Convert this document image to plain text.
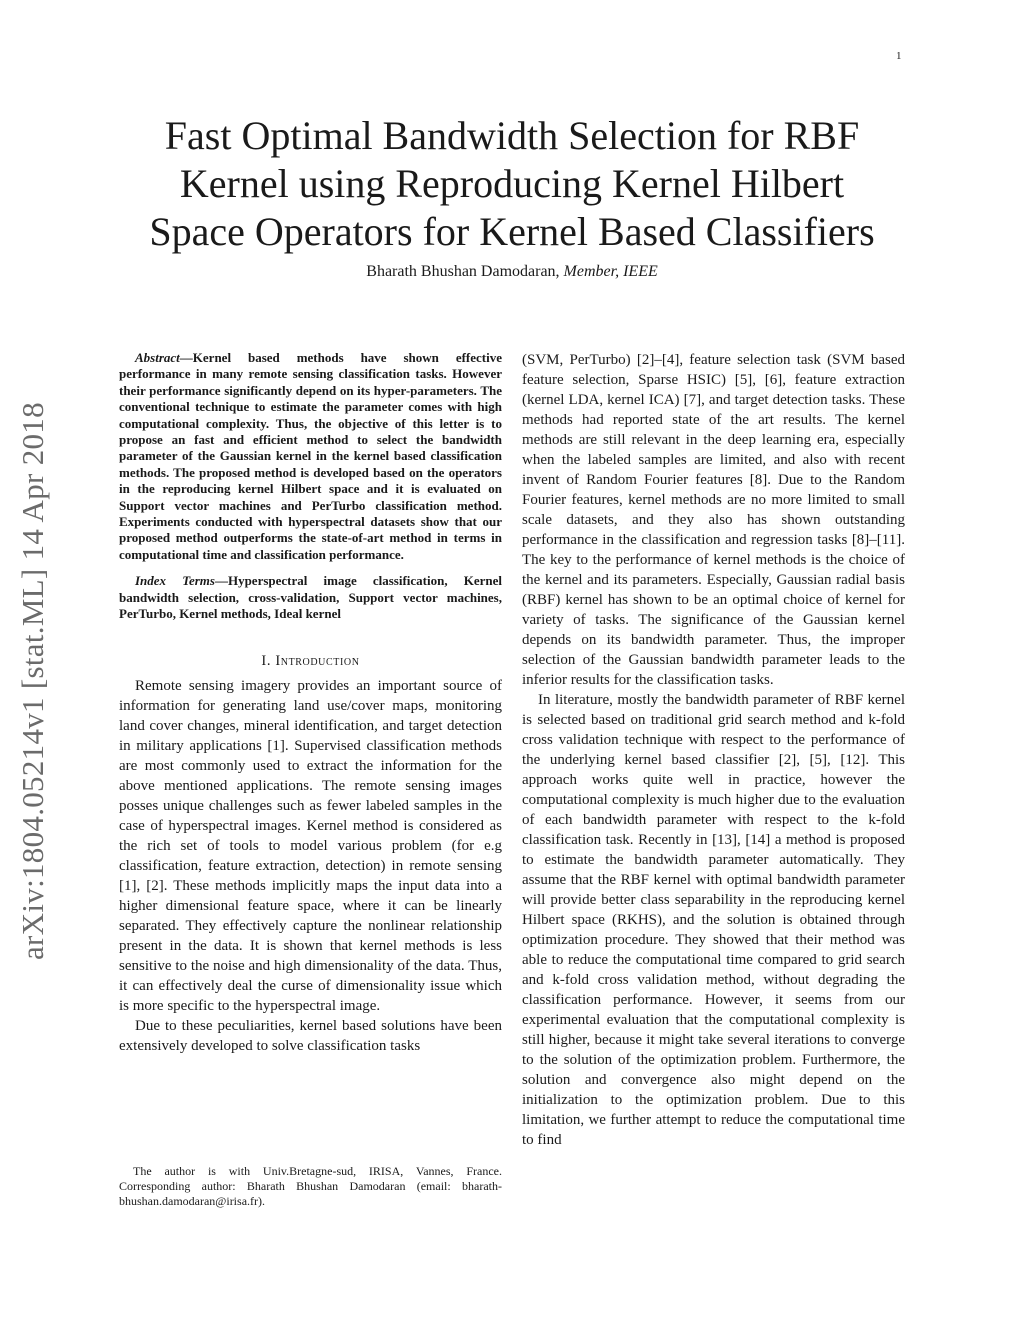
1
arXiv:1804.05214v1 [stat.ML] 14 Apr 2018
Fast Optimal Bandwidth Selection for RBF
Kernel using Reproducing Kernel Hilbert
Space Operators for Kernel Based Classifiers
Bharath Bhushan Damodaran, Member, IEEE

Abstract—Kernel based methods have shown effective performance in many remote sensing classification tasks. However their performance significantly depend on its hyper-parameters. The conventional technique to estimate the parameter comes with high computational complexity. Thus, the objective of this letter is to propose an fast and efficient method to select the bandwidth parameter of the Gaussian kernel in the kernel based classification methods. The proposed method is developed based on the operators in the reproducing kernel Hilbert space and it is evaluated on Support vector machines and PerTurbo classification method. Experiments conducted with hyperspectral datasets show that our proposed method outperforms the state-of-art method in terms in computational time and classification performance.

Index Terms—Hyperspectral image classification, Kernel bandwidth selection, cross-validation, Support vector machines, PerTurbo, Kernel methods, Ideal kernel

I. Introduction

Remote sensing imagery provides an important source of information for generating land use/cover maps, monitoring land cover changes, mineral identification, and target detection in military applications [1]. Supervised classification methods are most commonly used to extract the information for the above mentioned applications. The remote sensing images posses unique challenges such as fewer labeled samples in the case of hyperspectral images. Kernel method is considered as the rich set of tools to model various problem (for e.g classification, feature extraction, detection) in remote sensing [1], [2]. These methods implicitly maps the input data into a higher dimensional feature space, where it can be linearly separated. They effectively capture the nonlinear relationship present in the data. It is shown that kernel methods is less sensitive to the noise and high dimensionality of the data. Thus, it can effectively deal the curse of dimensionality issue which is more specific to the hyperspectral image.

Due to these peculiarities, kernel based solutions have been extensively developed to solve classification tasks

(SVM, PerTurbo) [2]–[4], feature selection task (SVM based feature selection, Sparse HSIC) [5], [6], feature extraction (kernel LDA, kernel ICA) [7], and target detection tasks. These methods had reported state of the art results. The kernel methods are still relevant in the deep learning era, especially when the labeled samples are limited, and also with recent invent of Random Fourier features [8]. Due to the Random Fourier features, kernel methods are no more limited to small scale datasets, and they also has shown outstanding performance in the classification and regression tasks [8]–[11]. The key to the performance of kernel methods is the choice of the kernel and its parameters. Especially, Gaussian radial basis (RBF) kernel has shown to be an optimal choice of kernel for variety of tasks. The significance of the Gaussian kernel depends on its bandwidth parameter. Thus, the improper selection of the Gaussian bandwidth parameter leads to the inferior results for the classification tasks.

In literature, mostly the bandwidth parameter of RBF kernel is selected based on traditional grid search method and k-fold cross validation technique with respect to the performance of the underlying kernel based classifier [2], [5], [12]. This approach works quite well in practice, however the computational complexity is much higher due to the evaluation of each bandwidth parameter with respect to the k-fold classification task. Recently in [13], [14] a method is proposed to estimate the bandwidth parameter automatically. They assume that the RBF kernel with optimal bandwidth parameter will provide better class separability in the reproducing kernel Hilbert space (RKHS), and the solution is obtained through optimization procedure. They showed that their method was able to reduce the computational time compared to grid search and k-fold cross validation method, without degrading the classification performance. However, it seems from our experimental evaluation that the computational complexity is still higher, because it might take several iterations to converge to the solution of the optimization problem. Furthermore, the solution and convergence also might depend on the initialization to the optimization problem. Due to this limitation, we further attempt to reduce the computational time to find

The author is with Univ.Bretagne-sud, IRISA, Vannes, France. Corresponding author: Bharath Bhushan Damodaran (email: bharath-bhushan.damodaran@irisa.fr).
